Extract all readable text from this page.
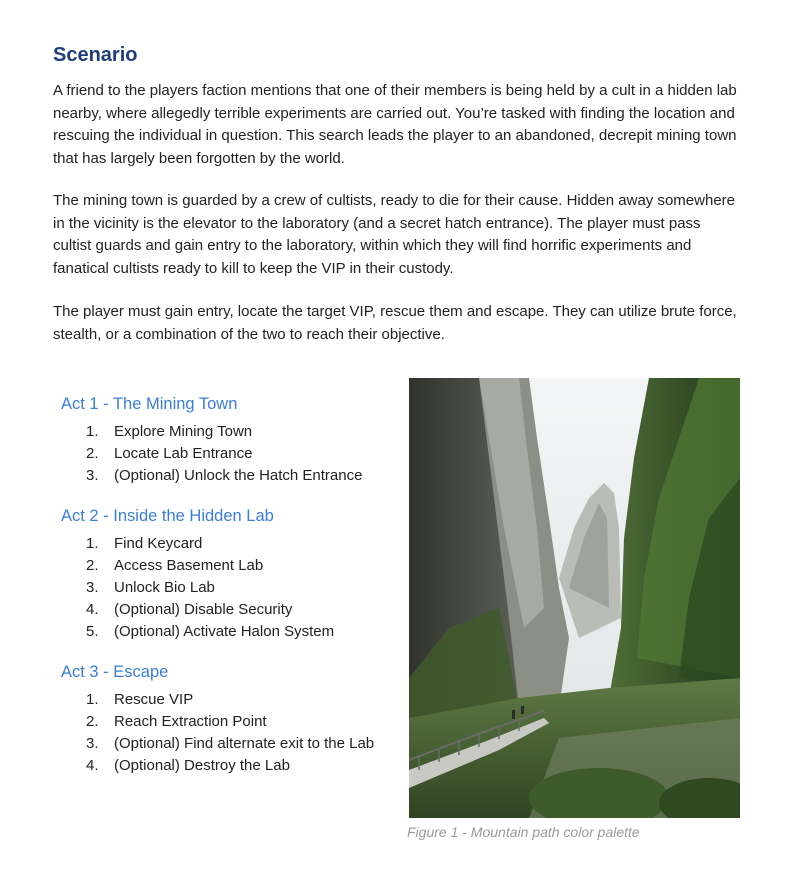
Scenario

A friend to the players faction mentions that one of their members is being held by a cult in a hidden lab nearby, where allegedly terrible experiments are carried out. You’re tasked with finding the location and rescuing the individual in question. This search leads the player to an abandoned, decrepit mining town that has largely been forgotten by the world.

The mining town is guarded by a crew of cultists, ready to die for their cause. Hidden away somewhere in the vicinity is the elevator to the laboratory (and a secret hatch entrance). The player must pass cultist guards and gain entry to the laboratory, within which they will find horrific experiments and fanatical cultists ready to kill to keep the VIP in their custody.

The player must gain entry, locate the target VIP, rescue them and escape. They can utilize brute force, stealth, or a combination of the two to reach their objective.

Act 1 - The Mining Town
1.	Explore Mining Town
2.	Locate Lab Entrance
3.	(Optional) Unlock the Hatch Entrance
Act 2 - Inside the Hidden Lab
1.	Find Keycard
2.	Access Basement Lab
3.	Unlock Bio Lab
4.	(Optional) Disable Security
5.	(Optional) Activate Halon System
Act 3 - Escape
1.	Rescue VIP
2.	Reach Extraction Point
3.	(Optional) Find alternate exit to the Lab
4.	(Optional) Destroy the Lab
Figure 1 - Mountain path color palette
